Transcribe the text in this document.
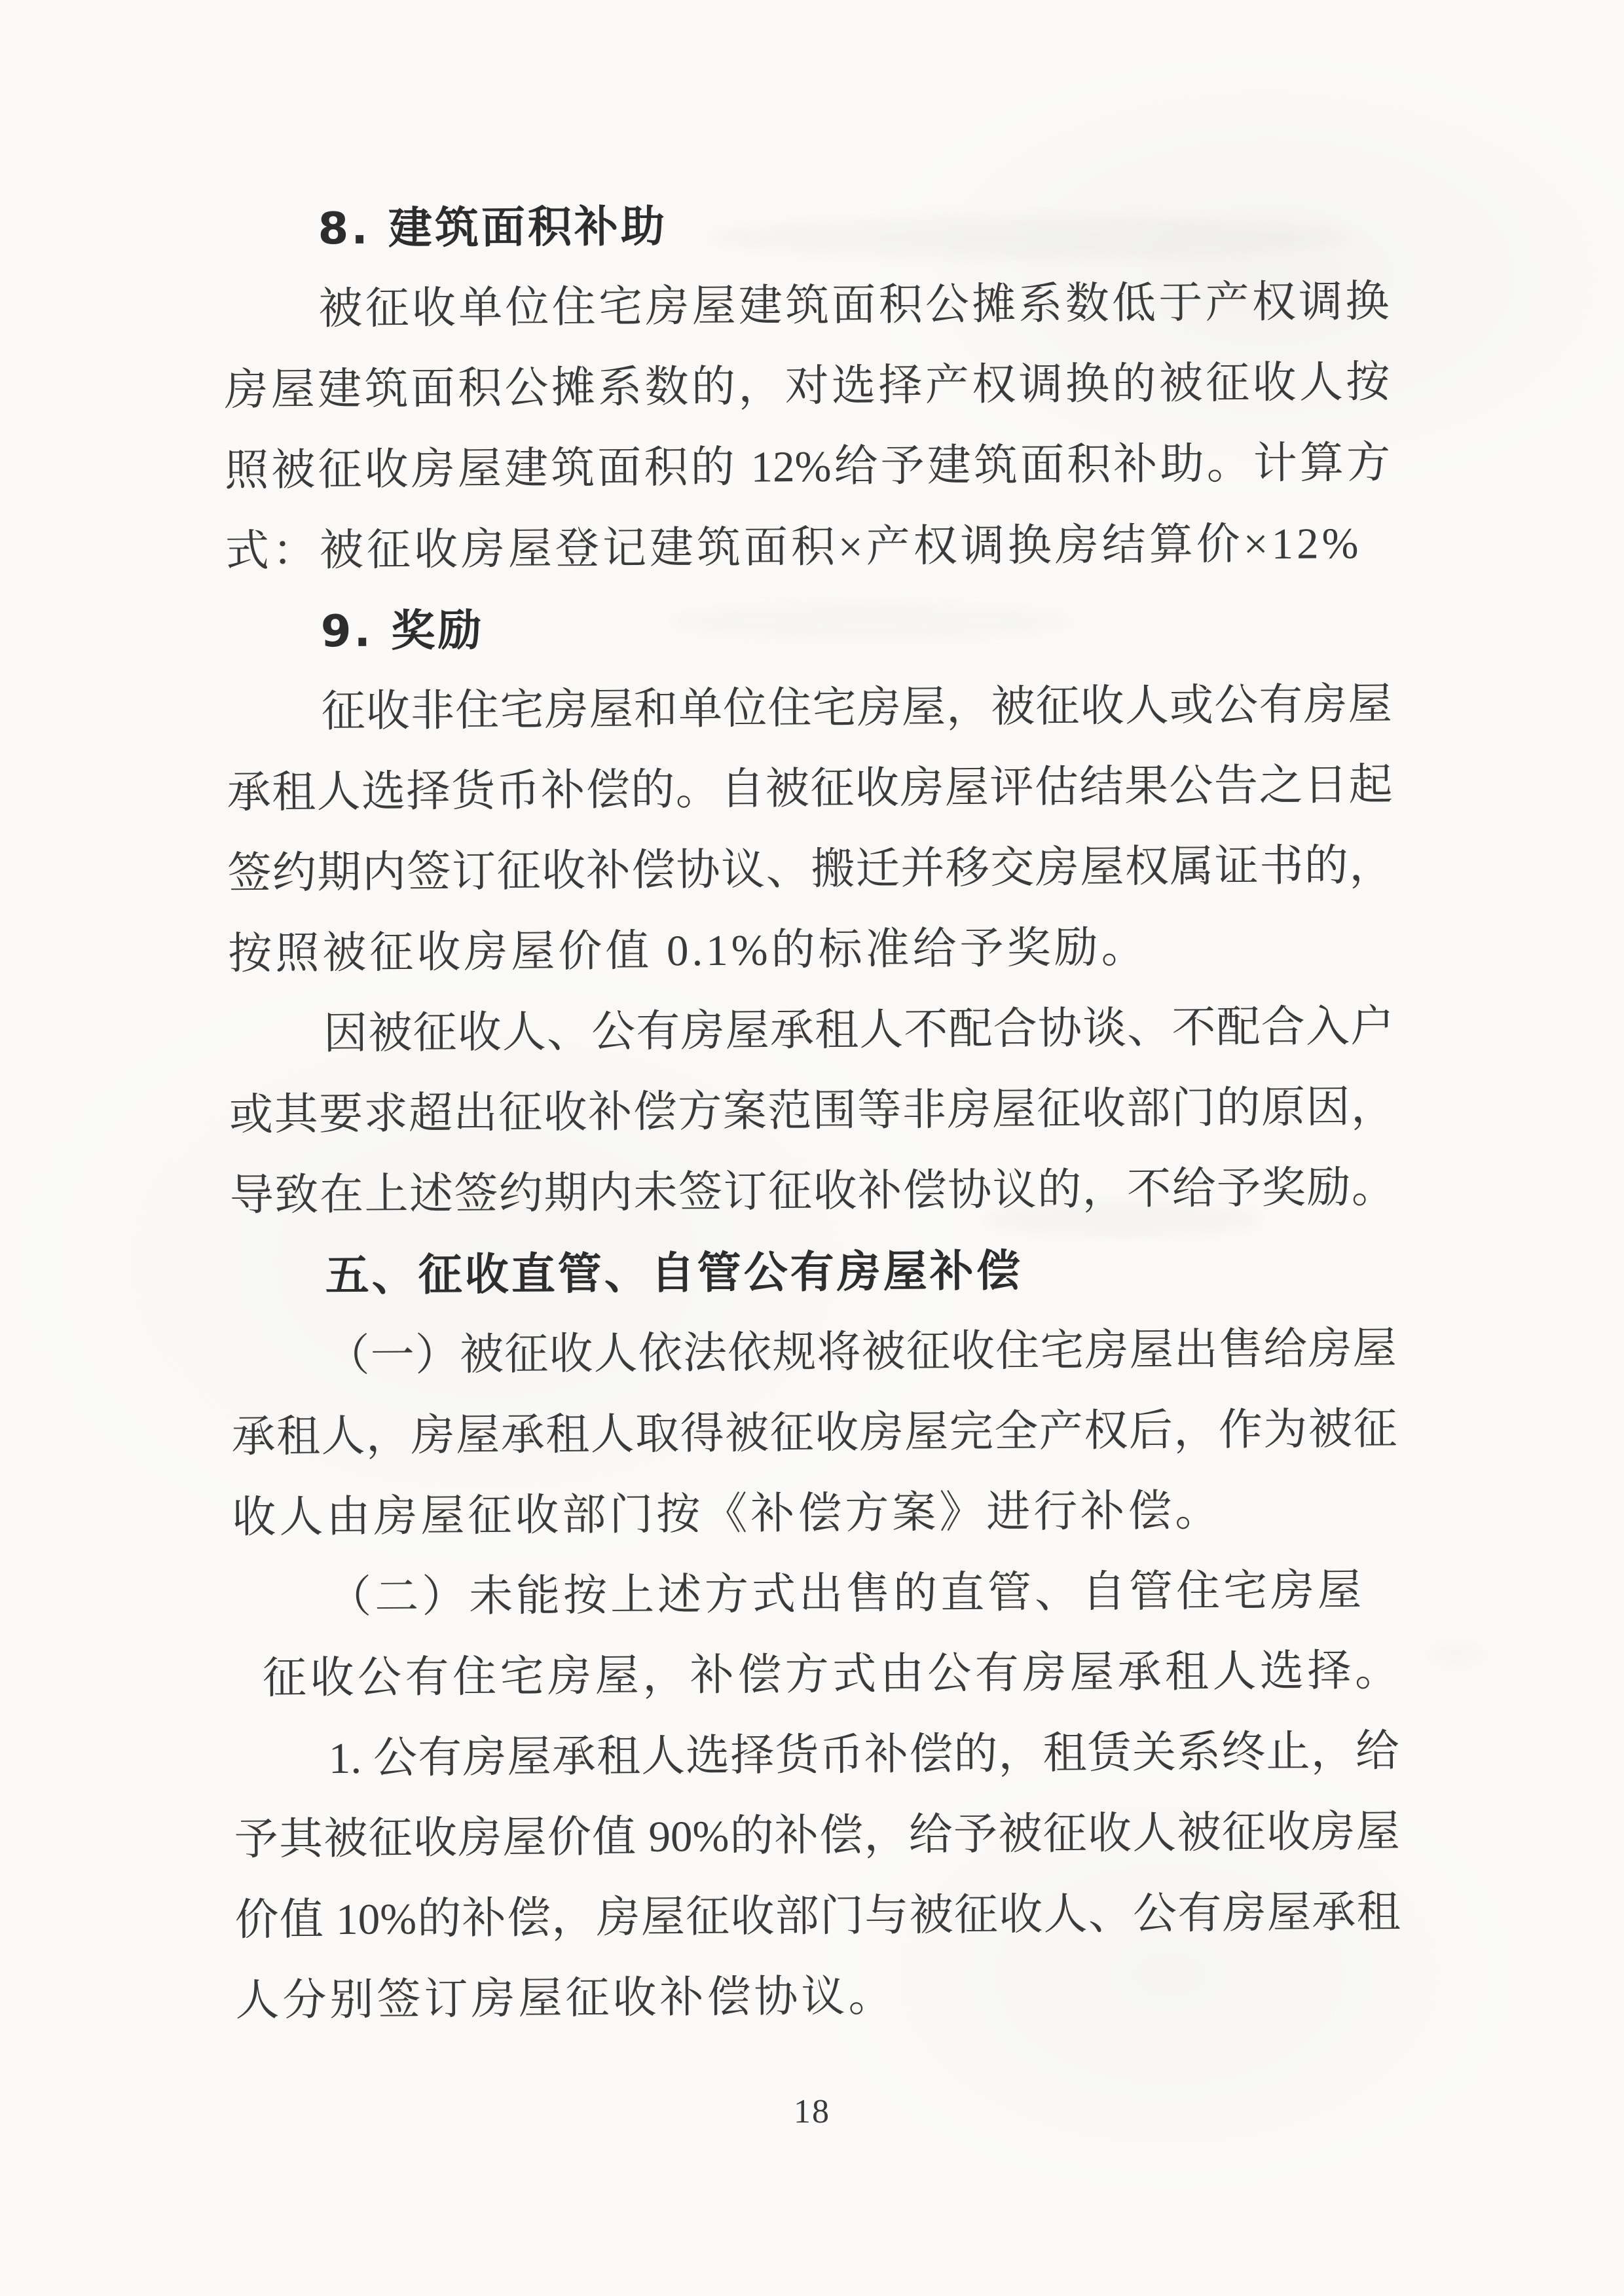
8. 建筑面积补助
被征收单位住宅房屋建筑面积公摊系数低于产权调换
房屋建筑面积公摊系数的，对选择产权调换的被征收人按
照被征收房屋建筑面积的 12%给予建筑面积补助。计算方
式：被征收房屋登记建筑面积×产权调换房结算价×12%
9. 奖励
征收非住宅房屋和单位住宅房屋，被征收人或公有房屋
承租人选择货币补偿的。自被征收房屋评估结果公告之日起
签约期内签订征收补偿协议、搬迁并移交房屋权属证书的，
按照被征收房屋价值 0.1%的标准给予奖励。
因被征收人、公有房屋承租人不配合协谈、不配合入户
或其要求超出征收补偿方案范围等非房屋征收部门的原因，
导致在上述签约期内未签订征收补偿协议的，不给予奖励。
五、征收直管、自管公有房屋补偿
（一）被征收人依法依规将被征收住宅房屋出售给房屋
承租人，房屋承租人取得被征收房屋完全产权后，作为被征
收人由房屋征收部门按《补偿方案》进行补偿。
（二）未能按上述方式出售的直管、自管住宅房屋
征收公有住宅房屋，补偿方式由公有房屋承租人选择。
1. 公有房屋承租人选择货币补偿的，租赁关系终止，给
予其被征收房屋价值 90%的补偿，给予被征收人被征收房屋
价值 10%的补偿，房屋征收部门与被征收人、公有房屋承租
人分别签订房屋征收补偿协议。
18
